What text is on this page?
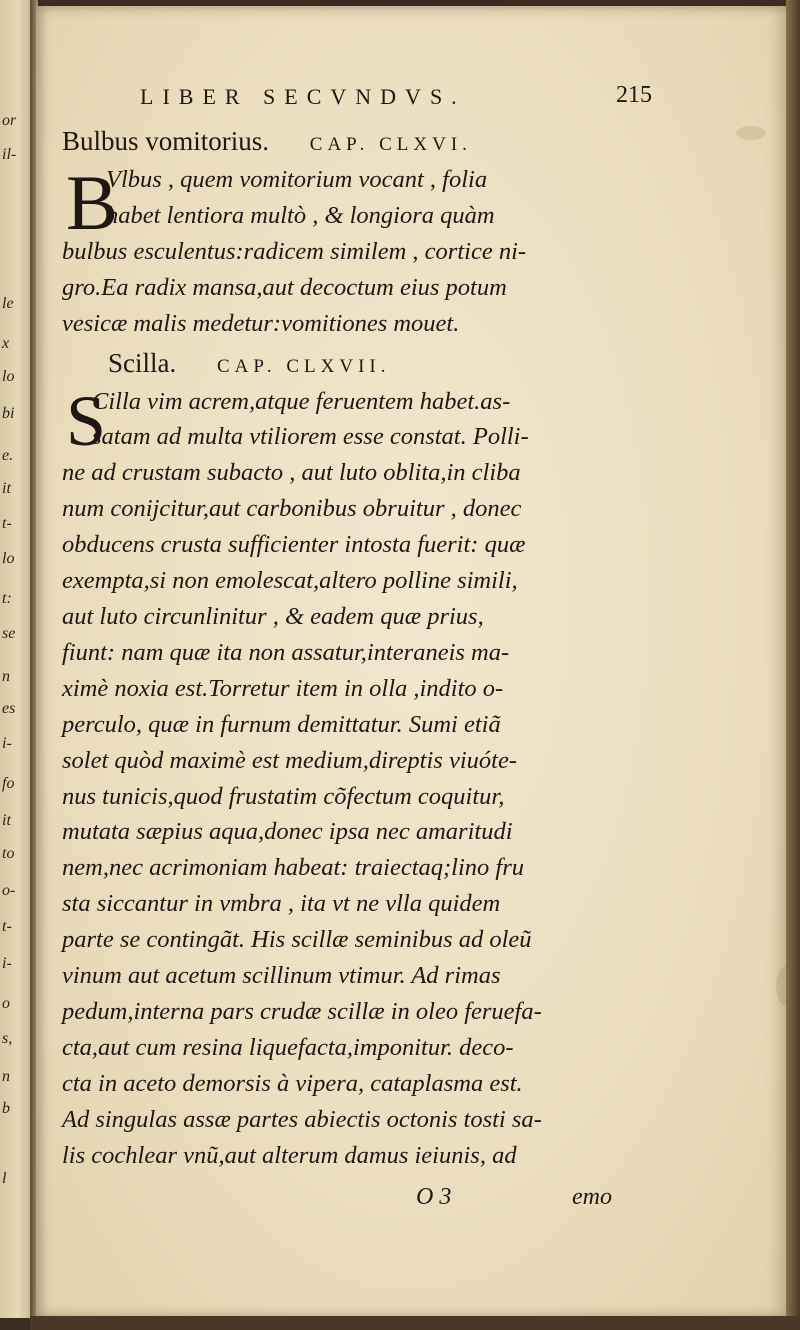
or
il-
le
x
lo
bi
e.
it
t-
lo
t:
se
n
es
i-
fo
it
to
o-
t-
i-
o
s,
n
b
l
LIBER SECVNDVS.	215
Bulbus vomitorius. CAP. CLXVI.
B
Vlbus , quem vomitorium vocant , folia
habet lentiora multò , & longiora quàm
bulbus esculentus:radicem similem , cortice ni-
gro.Ea radix mansa,aut decoctum eius potum
vesicæ malis medetur:vomitiones mouet.
Scilla. CAP. CLXVII.
S
Cilla vim acrem,atque feruentem habet.as-
satam ad multa vtiliorem esse constat. Polli-
ne ad crustam subacto , aut luto oblita,in cliba
num conijcitur,aut carbonibus obruitur , donec
obducens crusta sufficienter intosta fuerit: quæ
exempta,si non emolescat,altero polline simili,
aut luto circunlinitur , & eadem quæ prius,
fiunt: nam quæ ita non assatur,interaneis ma-
ximè noxia est.Torretur item in olla ,indito o-
perculo, quæ in furnum demittatur. Sumi etiã
solet quòd maximè est medium,direptis viuóte-
nus tunicis,quod frustatim cõfectum coquitur,
mutata sæpius aqua,donec ipsa nec amaritudi
nem,nec acrimoniam habeat: traiectaq;lino fru
sta siccantur in vmbra , ita vt ne vlla quidem
parte se contingãt. His scillæ seminibus ad oleũ
vinum aut acetum scillinum vtimur. Ad rimas
pedum,interna pars crudæ scillæ in oleo feruefa-
cta,aut cum resina liquefacta,imponitur. deco-
cta in aceto demorsis à vipera, cataplasma est.
Ad singulas assæ partes abiectis octonis tosti sa-
lis cochlear vnũ,aut alterum damus ieiunis, ad
O 3	emo
